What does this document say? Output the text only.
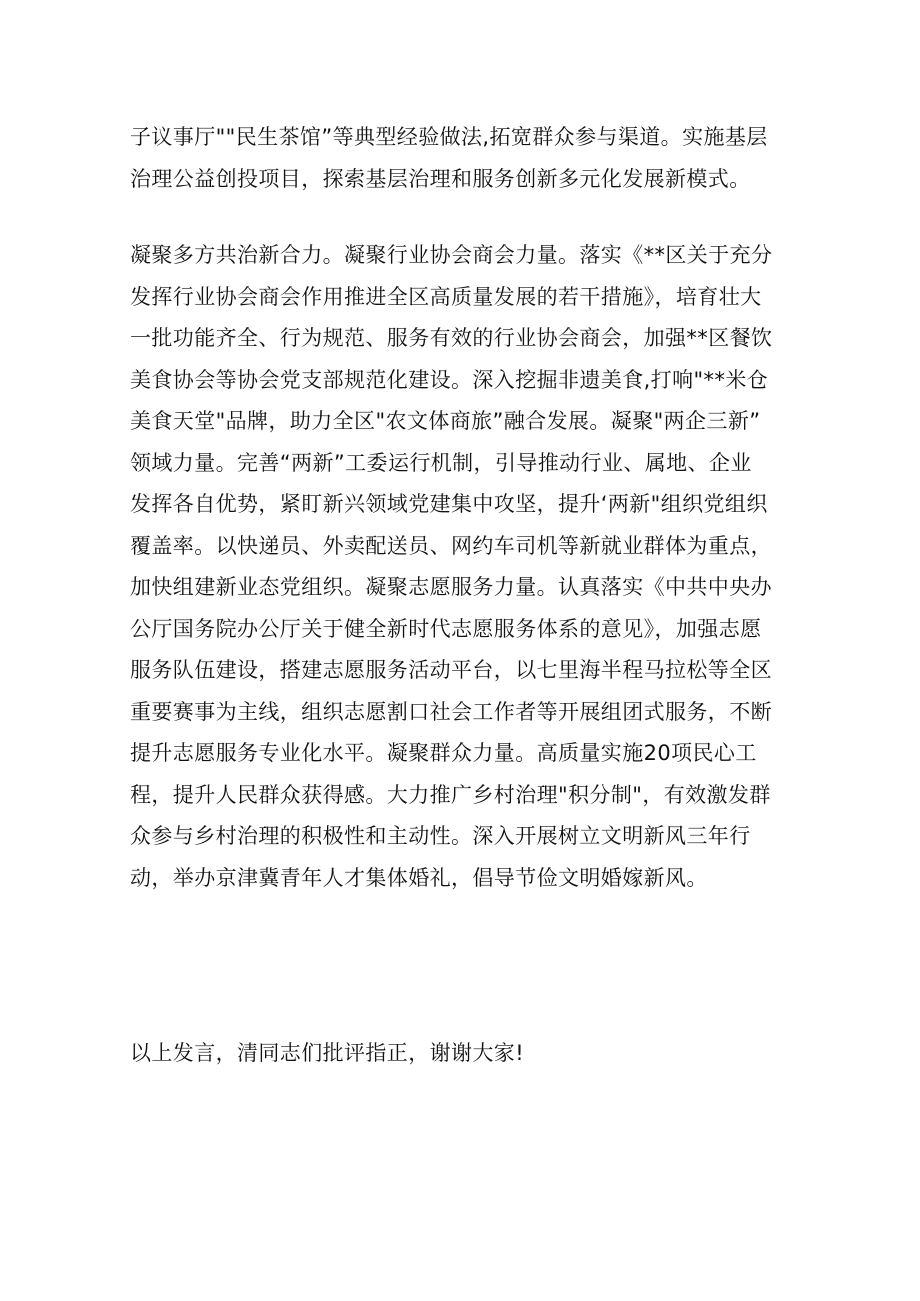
子议事厅""民生茶馆”等典型经验做法,拓宽群众参与渠道。实施基层
治理公益创投项目，探索基层治理和服务创新多元化发展新模式。
凝聚多方共治新合力。凝聚行业协会商会力量。落实《**区关于充分
发挥行业协会商会作用推进全区高质量发展的若干措施》，培育壮大
一批功能齐全、行为规范、服务有效的行业协会商会，加强**区餐饮
美食协会等协会党支部规范化建设。深入挖掘非遗美食,打响"**米仓
美食天堂"品牌，助力全区"农文体商旅”融合发展。凝聚"两企三新”
领域力量。完善“两新”工委运行机制，引导推动行业、属地、企业
发挥各自优势，紧盯新兴领域党建集中攻坚，提升‘两新"组织党组织
覆盖率。以快递员、外卖配送员、网约车司机等新就业群体为重点，
加快组建新业态党组织。凝聚志愿服务力量。认真落实《中共中央办
公厅国务院办公厅关于健全新时代志愿服务体系的意见》，加强志愿
服务队伍建设，搭建志愿服务活动平台，以七里海半程马拉松等全区
重要赛事为主线，组织志愿割口社会工作者等开展组团式服务，不断
提升志愿服务专业化水平。凝聚群众力量。高质量实施20项民心工
程，提升人民群众获得感。大力推广乡村治理"积分制"，有效激发群
众参与乡村治理的积极性和主动性。深入开展树立文明新风三年行
动，举办京津冀青年人才集体婚礼，倡导节俭文明婚嫁新风。
以上发言，清同志们批评指正，谢谢大家!
